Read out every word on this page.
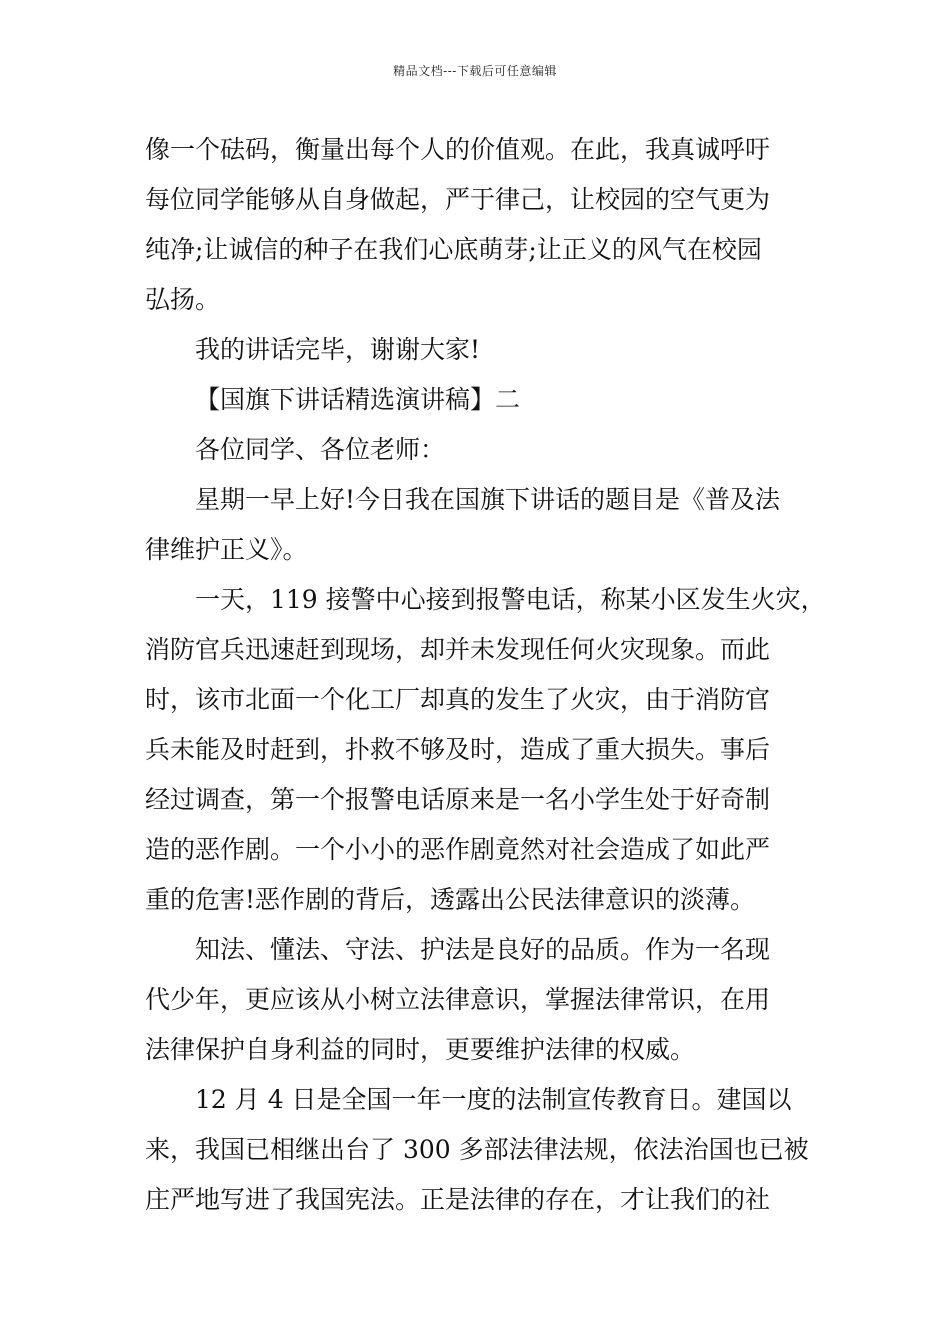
精品文档---下载后可任意编辑
像一个砝码，衡量出每个人的价值观。在此，我真诚呼吁
每位同学能够从自身做起，严于律己，让校园的空气更为
纯净;让诚信的种子在我们心底萌芽;让正义的风气在校园
弘扬。
我的讲话完毕，谢谢大家!
【国旗下讲话精选演讲稿】二
各位同学、各位老师：
星期一早上好!今日我在国旗下讲话的题目是《普及法
律维护正义》。
一天，119 接警中心接到报警电话，称某小区发生火灾，
消防官兵迅速赶到现场，却并未发现任何火灾现象。而此
时，该市北面一个化工厂却真的发生了火灾，由于消防官
兵未能及时赶到，扑救不够及时，造成了重大损失。事后
经过调查，第一个报警电话原来是一名小学生处于好奇制
造的恶作剧。一个小小的恶作剧竟然对社会造成了如此严
重的危害!恶作剧的背后，透露出公民法律意识的淡薄。
知法、懂法、守法、护法是良好的品质。作为一名现
代少年，更应该从小树立法律意识，掌握法律常识，在用
法律保护自身利益的同时，更要维护法律的权威。
12 月 4 日是全国一年一度的法制宣传教育日。建国以
来，我国已相继出台了 300 多部法律法规，依法治国也已被
庄严地写进了我国宪法。正是法律的存在，才让我们的社
